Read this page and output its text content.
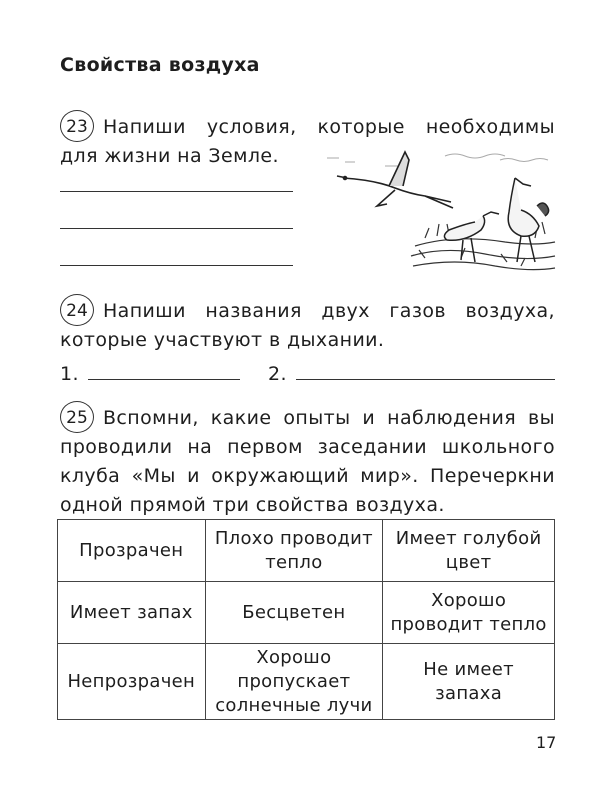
Свойства воздуха
23 Напиши условия, которые необходимы
для жизни на Земле.
24 Напиши названия двух газов воздуха,
которые участвуют в дыхании.
1.	2.
25 Вспомни, какие опыты и наблюдения вы
проводили на первом заседании школьного
клуба «Мы и окружающий мир». Перечеркни
одной прямой три свойства воздуха.
Прозрачен	Плохо проводит тепло	Имеет голубой цвет
Имеет запах	Бесцветен	Хорошо проводит тепло
Непрозрачен	Хорошо пропускает солнечные лучи	Не имеет запаха
17
